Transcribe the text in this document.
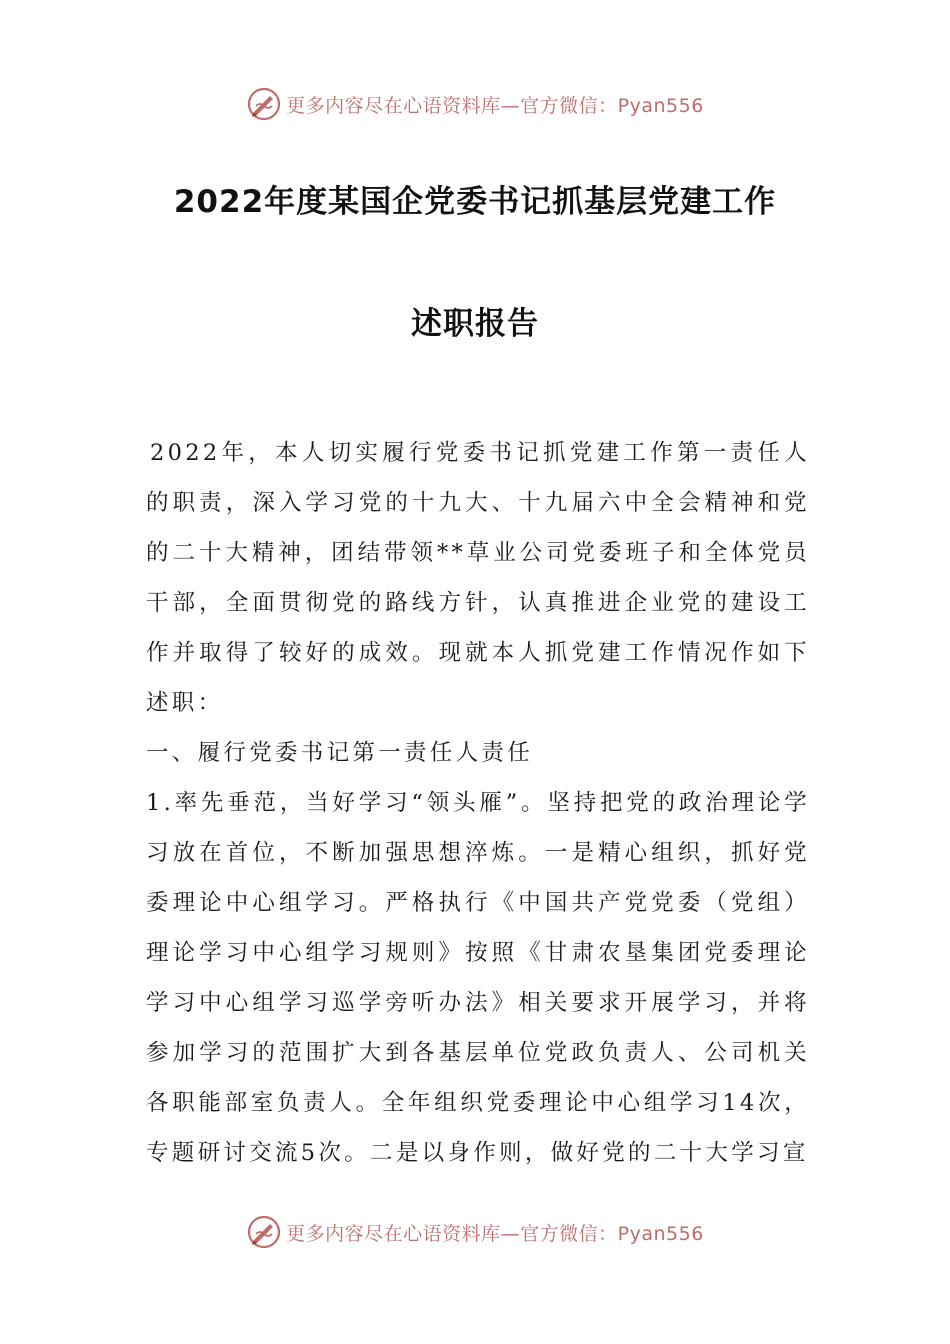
更多内容尽在心语资料库—官方微信：Pyan556
2022年度某国企党委书记抓基层党建工作
述职报告

2022年，本人切实履行党委书记抓党建工作第一责任人的职责，深入学习党的十九大、十九届六中全会精神和党的二十大精神，团结带领**草业公司党委班子和全体党员干部，全面贯彻党的路线方针，认真推进企业党的建设工作并取得了较好的成效。现就本人抓党建工作情况作如下述职：

一、履行党委书记第一责任人责任

1.率先垂范，当好学习“领头雁”。坚持把党的政治理论学习放在首位，不断加强思想淬炼。一是精心组织，抓好党委理论中心组学习。严格执行《中国共产党党委（党组）理论学习中心组学习规则》按照《甘肃农垦集团党委理论学习中心组学习巡学旁听办法》相关要求开展学习，并将参加学习的范围扩大到各基层单位党政负责人、公司机关各职能部室负责人。全年组织党委理论中心组学习14次，专题研讨交流5次。二是以身作则，做好党的二十大学习宣

更多内容尽在心语资料库—官方微信：Pyan556
